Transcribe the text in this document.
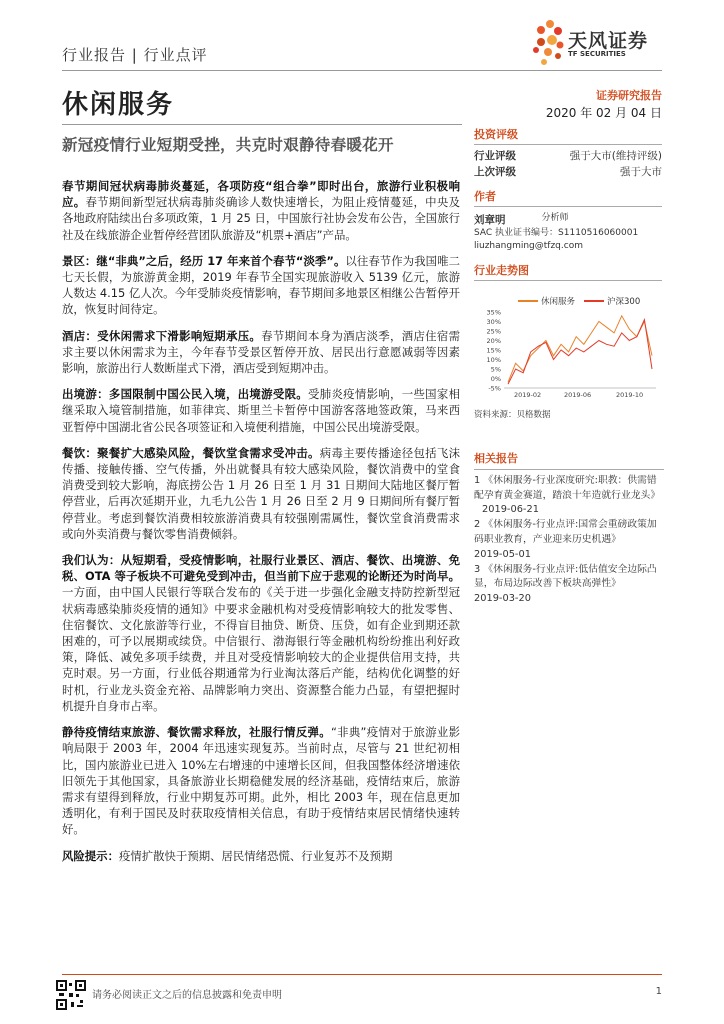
行业报告 | 行业点评
休闲服务
天风证券
TF SECURITIES
证券研究报告
2020 年 02 月 04 日
新冠疫情行业短期受挫，共克时艰静待春暖花开

春节期间冠状病毒肺炎蔓延，各项防疫“组合拳”即时出台，旅游行业积极响应。春节期间新型冠状病毒肺炎确诊人数快速增长，为阻止疫情蔓延，中央及各地政府陆续出台多项政策，1 月 25 日，中国旅行社协会发布公告，全国旅行社及在线旅游企业暂停经营团队旅游及“机票+酒店”产品。

景区：继“非典”之后，经历 17 年来首个春节“淡季”。以往春节作为我国唯二七天长假，为旅游黄金期，2019 年春节全国实现旅游收入 5139 亿元，旅游人数达 4.15 亿人次。今年受肺炎疫情影响，春节期间多地景区相继公告暂停开放，恢复时间待定。

酒店：受休闲需求下滑影响短期承压。春节期间本身为酒店淡季，酒店住宿需求主要以休闲需求为主，今年春节受景区暂停开放、居民出行意愿减弱等因素影响，旅游出行人数断崖式下滑，酒店受到短期冲击。

出境游：多国限制中国公民入境，出境游受限。受肺炎疫情影响，一些国家相继采取入境管制措施，如菲律宾、斯里兰卡暂停中国游客落地签政策，马来西亚暂停中国湖北省公民各项签证和入境便利措施，中国公民出境游受限。

餐饮：聚餐扩大感染风险，餐饮堂食需求受冲击。病毒主要传播途径包括飞沫传播、接触传播、空气传播，外出就餐具有较大感染风险，餐饮消费中的堂食消费受到较大影响，海底捞公告 1 月 26 日至 1 月 31 日期间大陆地区餐厅暂停营业，后再次延期开业，九毛九公告 1 月 26 日至 2 月 9 日期间所有餐厅暂停营业。考虑到餐饮消费相较旅游消费具有较强刚需属性，餐饮堂食消费需求或向外卖消费与餐饮零售消费倾斜。

我们认为：从短期看，受疫情影响，社服行业景区、酒店、餐饮、出境游、免税、OTA 等子板块不可避免受到冲击，但当前下应于悲观的论断还为时尚早。一方面，由中国人民银行等联合发布的《关于进一步强化金融支持防控新型冠状病毒感染肺炎疫情的通知》中要求金融机构对受疫情影响较大的批发零售、住宿餐饮、文化旅游等行业，不得盲目抽贷、断贷、压贷，如有企业到期还款困难的，可予以展期或续贷。中信银行、渤海银行等金融机构纷纷推出利好政策，降低、减免多项手续费，并且对受疫情影响较大的企业提供信用支持，共克时艰。另一方面，行业低谷期通常为行业淘汰落后产能，结构优化调整的好时机，行业龙头资金充裕、品牌影响力突出、资源整合能力凸显，有望把握时机提升自身市占率。

静待疫情结束旅游、餐饮需求释放，社服行情反弹。“非典”疫情对于旅游业影响局限于 2003 年，2004 年迅速实现复苏。当前时点，尽管与 21 世纪初相比，国内旅游业已进入 10%左右增速的中速增长区间，但我国整体经济增速依旧领先于其他国家，具备旅游业长期稳健发展的经济基础，疫情结束后，旅游需求有望得到释放，行业中期复苏可期。此外，相比 2003 年，现在信息更加透明化，有利于国民及时获取疫情相关信息，有助于疫情结束居民情绪快速转好。

风险提示：疫情扩散快于预期、居民情绪恐慌、行业复苏不及预期

投资评级
行业评级	强于大市(维持评级)
上次评级	强于大市
作者
刘章明	分析师
SAC 执业证书编号：S1110516060001
liuzhangming@tfzq.com
行业走势图
休闲服务	沪深300
35%
30%
25%
20%
15%
10%
5%
0%
-5%
2019-02	2019-06	2019-10
资料来源：贝格数据
相关报告
1 《休闲服务-行业深度研究:职教：供需错配孕育黄金赛道，踏浪十年造就行业龙头》2019-06-21
2 《休闲服务-行业点评:国常会重磅政策加码职业教育，产业迎来历史机遇》
2019-05-01
3 《休闲服务-行业点评:低估值安全边际凸显，布局边际改善下板块高弹性》
2019-03-20
请务必阅读正文之后的信息披露和免责申明	1
